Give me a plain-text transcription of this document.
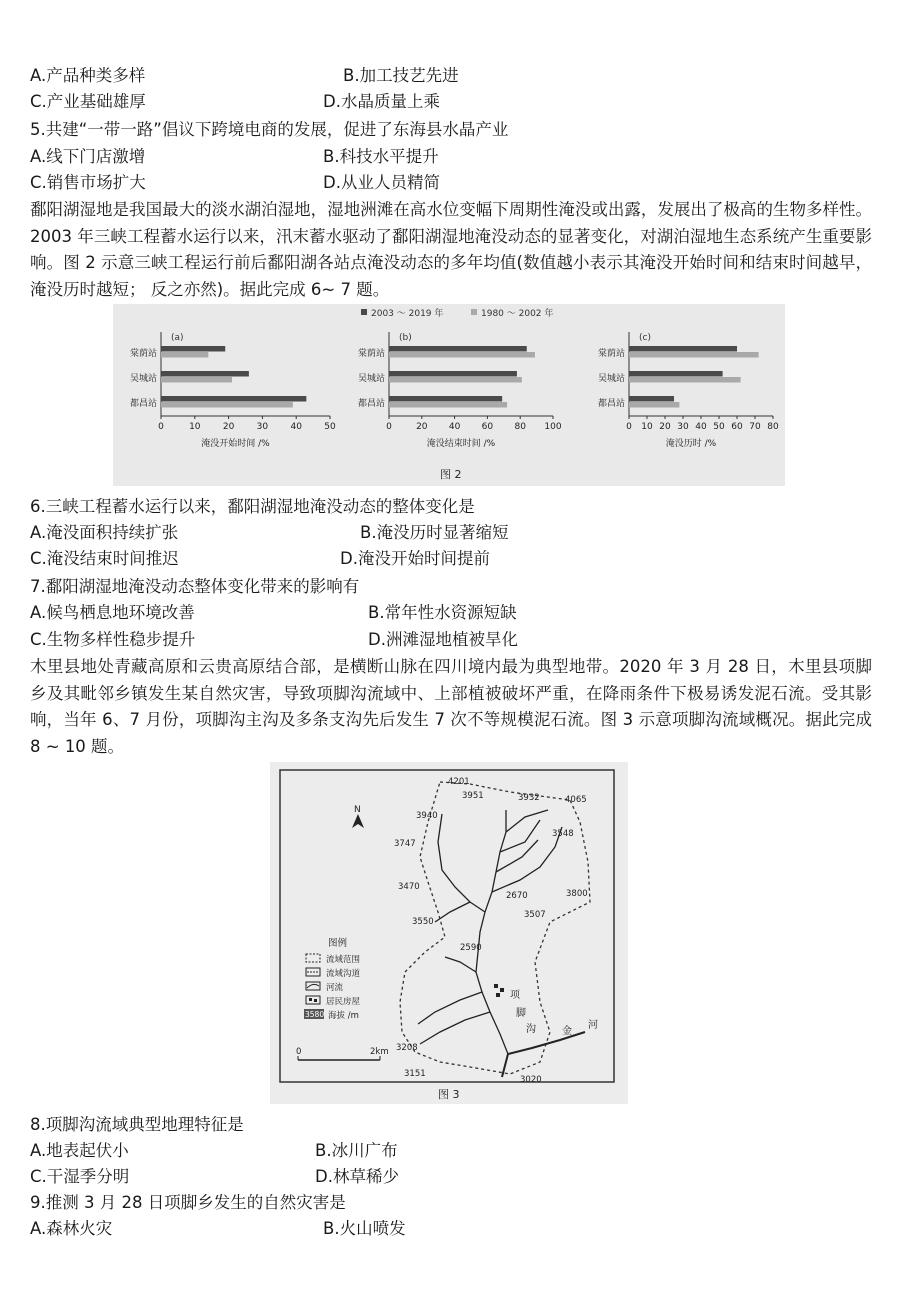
A.产品种类多样	B.加工技艺先进
C.产业基础雄厚	D.水晶质量上乘
5.共建“一带一路”倡议下跨境电商的发展，促进了东海县水晶产业
A.线下门店激增	B.科技水平提升
C.销售市场扩大	D.从业人员精简
鄱阳湖湿地是我国最大的淡水湖泊湿地，湿地洲滩在高水位变幅下周期性淹没或出露，发展出了极高的生物多样性。2003 年三峡工程蓄水运行以来，汛末蓄水驱动了鄱阳湖湿地淹没动态的显著变化，对湖泊湿地生态系统产生重要影响。图 2 示意三峡工程运行前后鄱阳湖各站点淹没动态的多年均值(数值越小表示其淹没开始时间和结束时间越早，淹没历时越短； 反之亦然)。据此完成 6~ 7 题。
2003 ～ 2019 年	1980 ～ 2002 年
(a)
棠荫站
吴城站
都昌站
0	10 20 30 40 50
淹没开始时间 /%
(b)
棠荫站
吴城站
都昌站
0	20 40 60 80 100
淹没结束时间 /%
(c)
棠荫站
吴城站
都昌站
0 10 20 30 40 50 60 70 80
淹没历时 /%
图 2
6.三峡工程蓄水运行以来，鄱阳湖湿地淹没动态的整体变化是
A.淹没面积持续扩张	B.淹没历时显著缩短
C.淹没结束时间推迟	D.淹没开始时间提前
7.鄱阳湖湿地淹没动态整体变化带来的影响有
A.候鸟栖息地环境改善	B.常年性水资源短缺
C.生物多样性稳步提升	D.洲滩湿地植被旱化
木里县地处青藏高原和云贵高原结合部，是横断山脉在四川境内最为典型地带。2020 年 3 月 28 日，木里县项脚乡及其毗邻乡镇发生某自然灾害，导致项脚沟流域中、上部植被破坏严重，在降雨条件下极易诱发泥石流。受其影响，当年 6、7 月份，项脚沟主沟及多条支沟先后发生 7 次不等规模泥石流。图 3 示意项脚沟流域概况。据此完成 8 ~ 10 题。
N
4201
3951	3932	4065
3940
3548
3747
3470
2670	3800
3507
3550
2590
3208
3151
3020
项
脚
沟	金
河
图例
流域范围
流域沟道
河流
居民房屋
3580 海拔 /m
0	2km
图 3
8.项脚沟流域典型地理特征是
A.地表起伏小	B.冰川广布
C.干湿季分明	D.林草稀少
9.推测 3 月 28 日项脚乡发生的自然灾害是
A.森林火灾	B.火山喷发
